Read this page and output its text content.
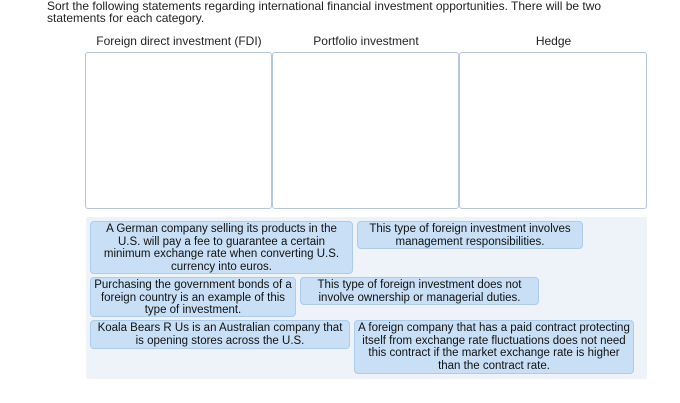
Sort the following statements regarding international financial investment opportunities. There will be two statements for each category.
Foreign direct investment (FDI)	Portfolio investment	Hedge
A German company selling its products in the U.S. will pay a fee to guarantee a certain minimum exchange rate when converting U.S. currency into euros.
This type of foreign investment involves management responsibilities.
Purchasing the government bonds of a foreign country is an example of this type of investment.
This type of foreign investment does not involve ownership or managerial duties.
Koala Bears R Us is an Australian company that is opening stores across the U.S.
A foreign company that has a paid contract protecting itself from exchange rate fluctuations does not need this contract if the market exchange rate is higher than the contract rate.
